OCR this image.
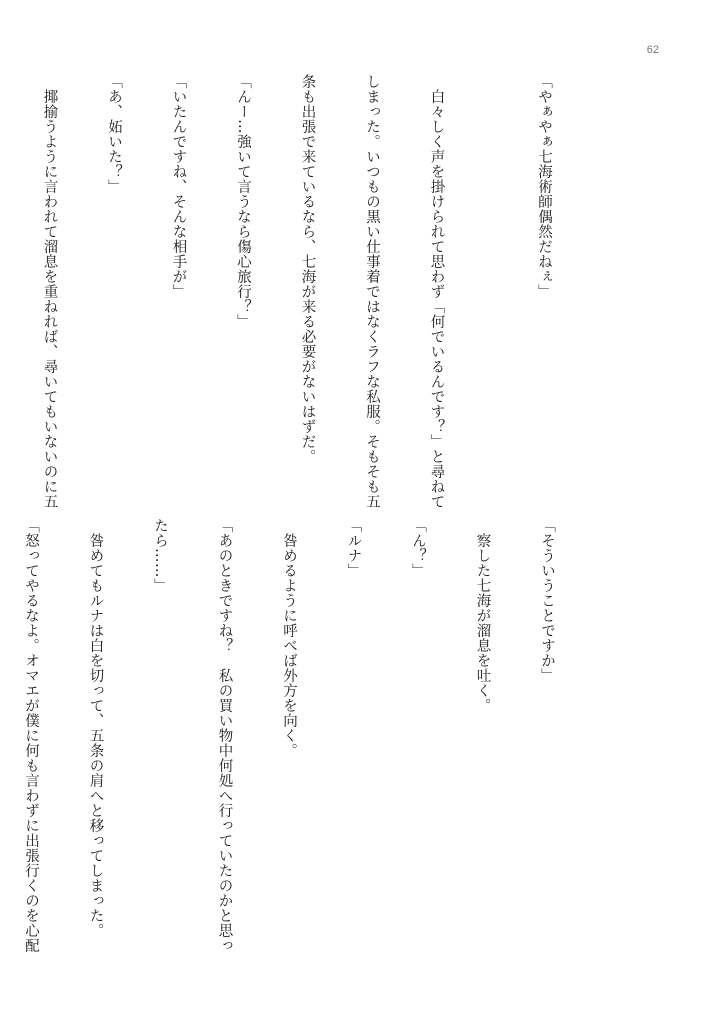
62

「やぁやぁ七海術師偶然だねぇ」

　白々しく声を掛けられて思わず「何でいるんです？」と尋ねて

しまった。いつもの黒い仕事着ではなくラフな私服。そもそも五

条も出張で来ているなら、七海が来る必要がないはずだ。

「んー…強いて言うなら傷心旅行？」

「いたんですね、そんな相手が」

「あ、妬いた？」

　揶揄うように言われて溜息を重ねれば、尋いてもいないのに五

「そういうことですか」

　察した七海が溜息を吐く。

「ん？」

「ルナ」

　咎めるように呼べば外方を向く。

「あのときですね？　私の買い物中何処へ行っていたのかと思っ

たら……」

　咎めてもルナは白を切って、五条の肩へと移ってしまった。

「怒ってやるなよ。オマエが僕に何も言わずに出張行くのを心配
